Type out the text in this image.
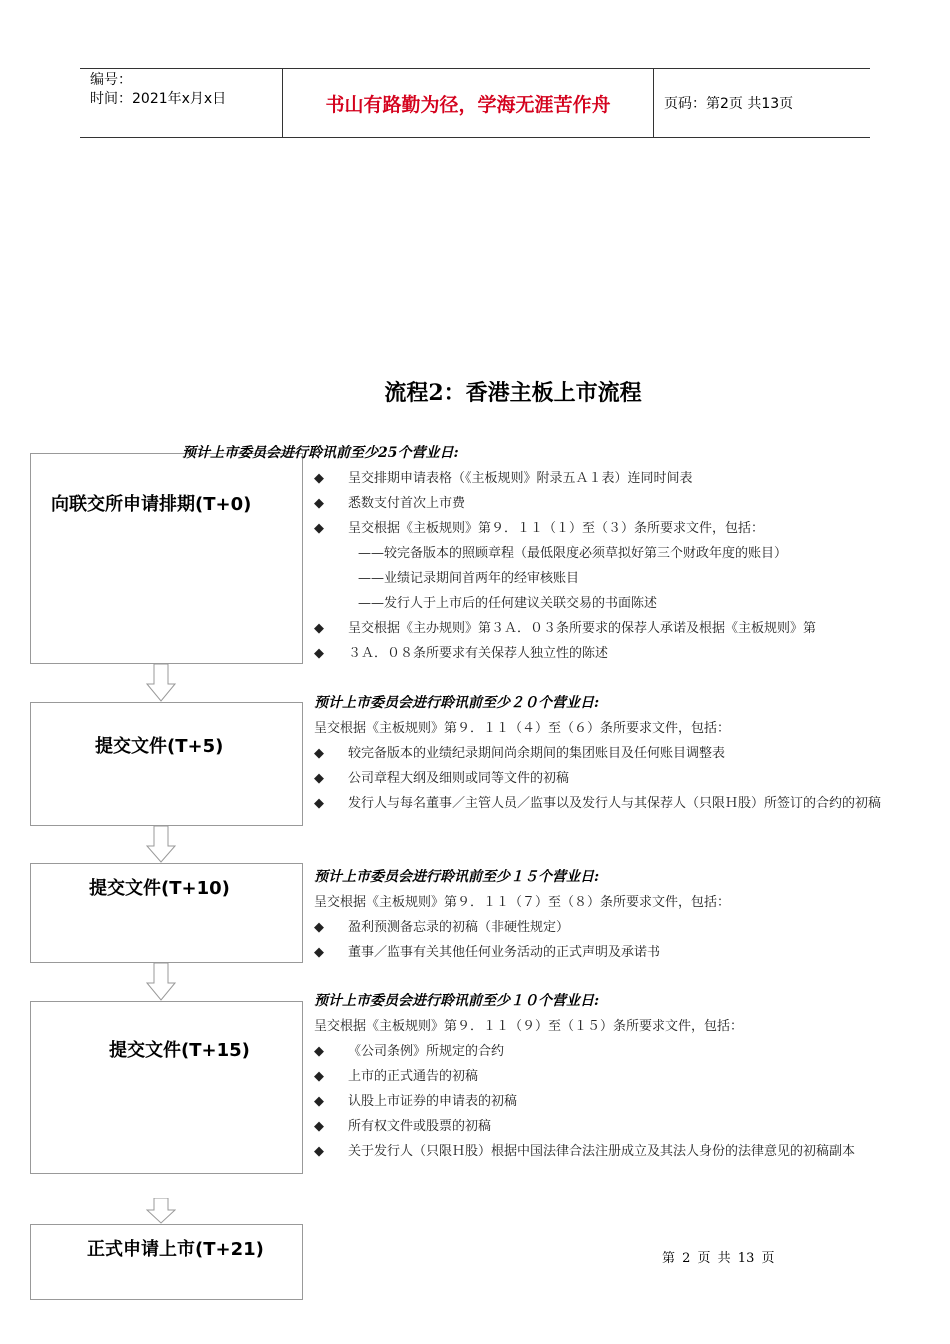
编号：
时间：2021年x月x日	书山有路勤为径，学海无涯苦作舟	页码：第2页 共13页
流程2：香港主板上市流程
向联交所申请排期(T+0)
提交文件(T+5)
提交文件(T+10)
提交文件(T+15)
正式申请上市(T+21)
预计上市委员会进行聆讯前至少25个营业日:
◆ 呈交排期申请表格（《主板规则》附录五Ａ１表）连同时间表
◆ 悉数支付首次上市费
◆ 呈交根据《主板规则》第９．１１（１）至（３）条所要求文件，包括：
——较完备版本的照顾章程（最低限度必须草拟好第三个财政年度的账目）
——业绩记录期间首两年的经审核账目
——发行人于上市后的任何建议关联交易的书面陈述
◆ 呈交根据《主办规则》第３Ａ．０３条所要求的保荐人承诺及根据《主板规则》第
◆ ３Ａ．０８条所要求有关保荐人独立性的陈述
预计上市委员会进行聆讯前至少２０个营业日:
呈交根据《主板规则》第９．１１（４）至（６）条所要求文件，包括：
◆ 较完备版本的业绩纪录期间尚余期间的集团账目及任何账目调整表
◆ 公司章程大纲及细则或同等文件的初稿
◆ 发行人与每名董事／主管人员／监事以及发行人与其保荐人（只限Ｈ股）所签订的合约的初稿
预计上市委员会进行聆讯前至少１５个营业日:
呈交根据《主板规则》第９．１１（７）至（８）条所要求文件，包括：
◆ 盈利预测备忘录的初稿（非硬性规定）
◆ 董事／监事有关其他任何业务活动的正式声明及承诺书
预计上市委员会进行聆讯前至少１０个营业日:
呈交根据《主板规则》第９．１１（９）至（１５）条所要求文件，包括：
◆ 《公司条例》所规定的合约
◆ 上市的正式通告的初稿
◆ 认股上市证券的申请表的初稿
◆ 所有权文件或股票的初稿
◆ 关于发行人（只限Ｈ股）根据中国法律合法注册成立及其法人身份的法律意见的初稿副本
第 2 页 共 13 页
